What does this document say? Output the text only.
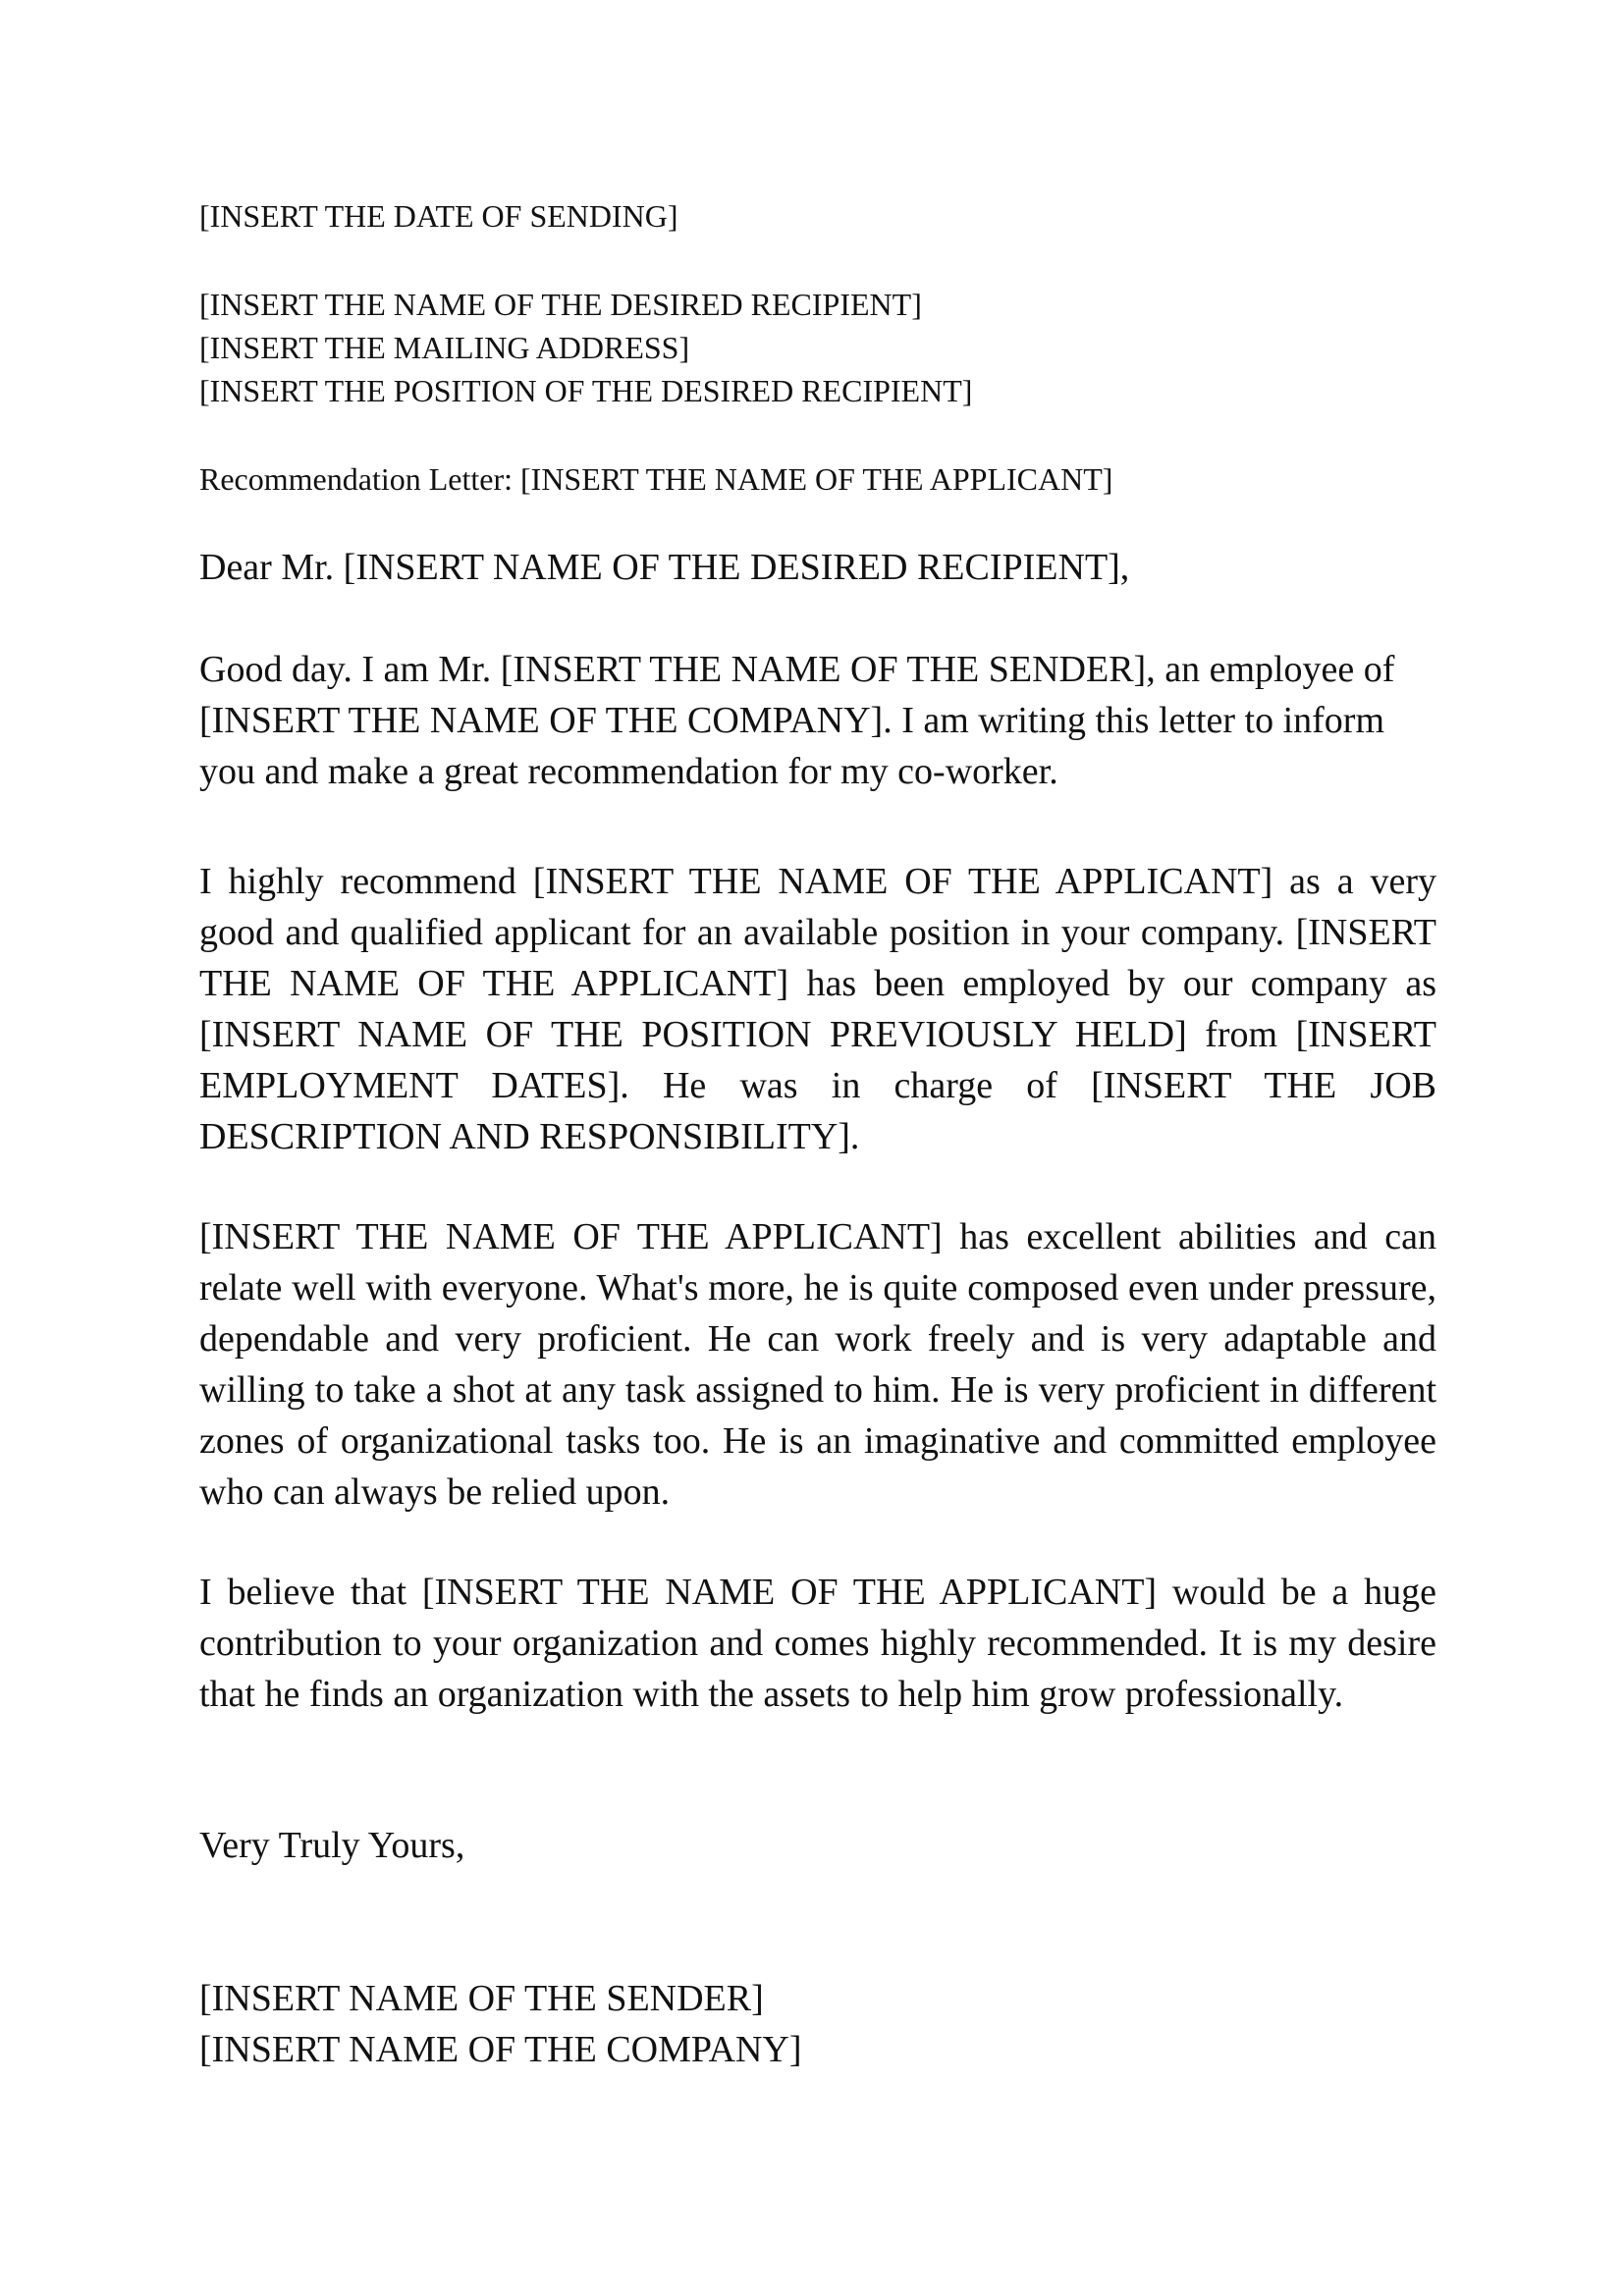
[INSERT THE DATE OF SENDING]
[INSERT THE NAME OF THE DESIRED RECIPIENT]
[INSERT THE MAILING ADDRESS]
[INSERT THE POSITION OF THE DESIRED RECIPIENT]
Recommendation Letter: [INSERT THE NAME OF THE APPLICANT]
Dear Mr. [INSERT NAME OF THE DESIRED RECIPIENT],
Good day. I am Mr. [INSERT THE NAME OF THE SENDER], an employee of [INSERT THE NAME OF THE COMPANY]. I am writing this letter to inform you and make a great recommendation for my co-worker.
I highly recommend [INSERT THE NAME OF THE APPLICANT] as a very good and qualified applicant for an available position in your company. [INSERT THE NAME OF THE APPLICANT] has been employed by our company as [INSERT NAME OF THE POSITION PREVIOUSLY HELD] from [INSERT EMPLOYMENT DATES]. He was in charge of [INSERT THE JOB DESCRIPTION AND RESPONSIBILITY].
[INSERT THE NAME OF THE APPLICANT] has excellent abilities and can relate well with everyone. What's more, he is quite composed even under pressure, dependable and very proficient. He can work freely and is very adaptable and willing to take a shot at any task assigned to him. He is very proficient in different zones of organizational tasks too. He is an imaginative and committed employee who can always be relied upon.
I believe that [INSERT THE NAME OF THE APPLICANT] would be a huge contribution to your organization and comes highly recommended. It is my desire that he finds an organization with the assets to help him grow professionally.
Very Truly Yours,
[INSERT NAME OF THE SENDER]
[INSERT NAME OF THE COMPANY]
